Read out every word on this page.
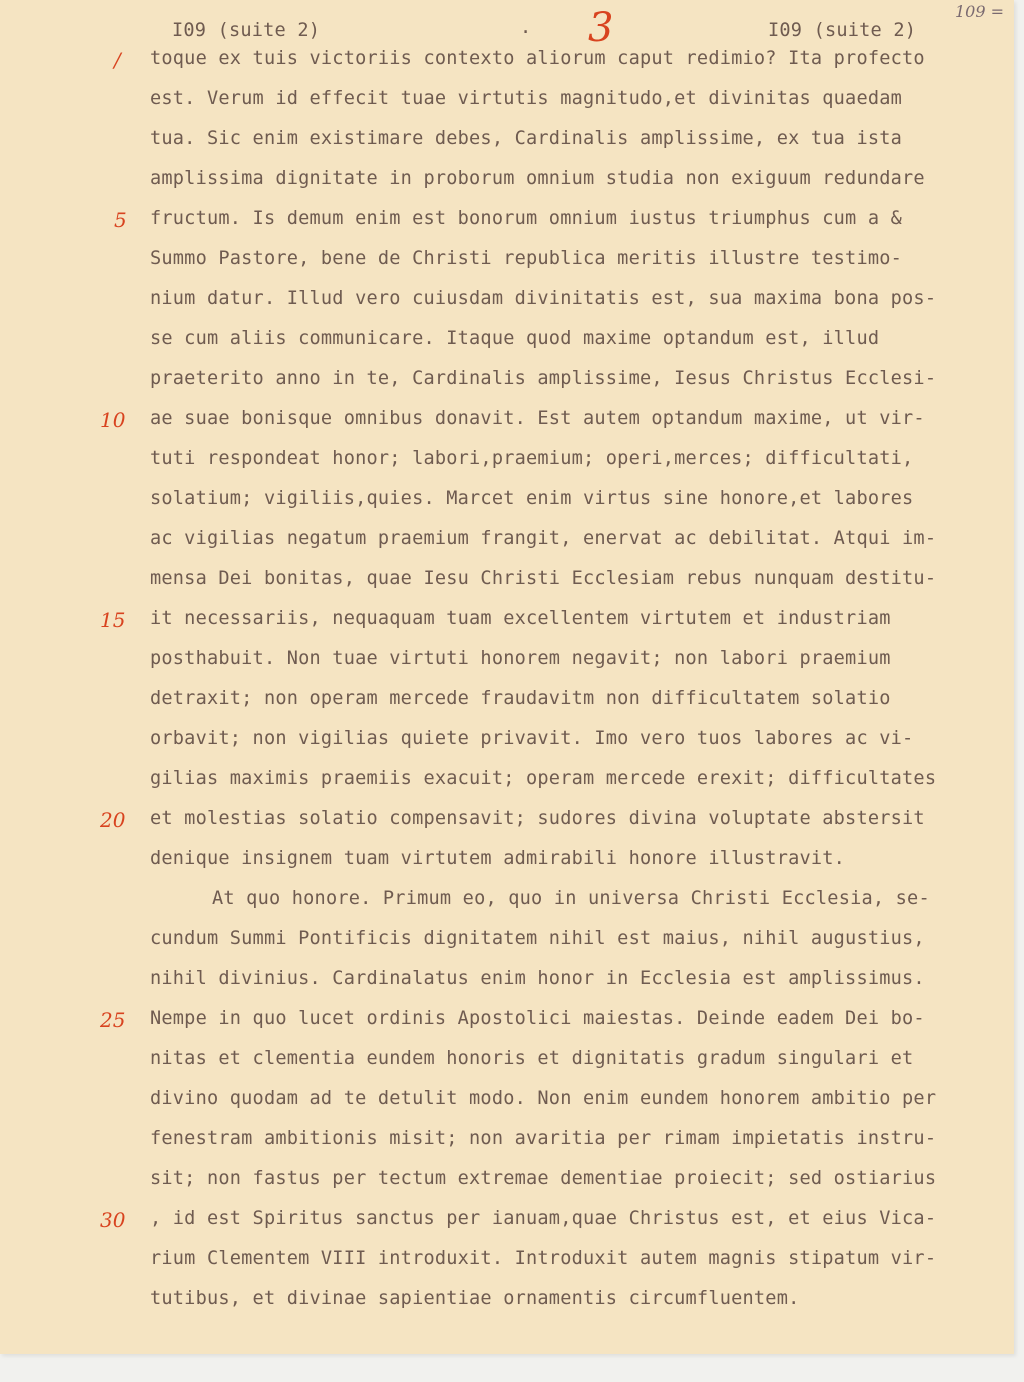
I09 (suite 2)	· 3	I09 (suite 2)
109 =
/
5
10
15
20
25
30
toque ex tuis victoriis contexto aliorum caput redimio? Ita profecto
est. Verum id effecit tuae virtutis magnitudo,et divinitas quaedam
tua. Sic enim existimare debes, Cardinalis amplissime, ex tua ista
amplissima dignitate in proborum omnium studia non exiguum redundare
fructum. Is demum enim est bonorum omnium iustus triumphus cum a &
Summo Pastore, bene de Christi republica meritis illustre testimo-
nium datur. Illud vero cuiusdam divinitatis est, sua maxima bona pos-
se cum aliis communicare. Itaque quod maxime optandum est, illud
praeterito anno in te, Cardinalis amplissime, Iesus Christus Ecclesi-
ae suae bonisque omnibus donavit. Est autem optandum maxime, ut vir-
tuti respondeat honor; labori,praemium; operi,merces; difficultati,
solatium; vigiliis,quies. Marcet enim virtus sine honore,et labores
ac vigilias negatum praemium frangit, enervat ac debilitat. Atqui im-
mensa Dei bonitas, quae Iesu Christi Ecclesiam rebus nunquam destitu-
it necessariis, nequaquam tuam excellentem virtutem et industriam
posthabuit. Non tuae virtuti honorem negavit; non labori praemium
detraxit; non operam mercede fraudavitm non difficultatem solatio
orbavit; non vigilias quiete privavit. Imo vero tuos labores ac vi-
gilias maximis praemiis exacuit; operam mercede erexit; difficultates
et molestias solatio compensavit; sudores divina voluptate abstersit
denique insignem tuam virtutem admirabili honore illustravit.
At quo honore. Primum eo, quo in universa Christi Ecclesia, se-
cundum Summi Pontificis dignitatem nihil est maius, nihil augustius,
nihil divinius. Cardinalatus enim honor in Ecclesia est amplissimus.
Nempe in quo lucet ordinis Apostolici maiestas. Deinde eadem Dei bo-
nitas et clementia eundem honoris et dignitatis gradum singulari et
divino quodam ad te detulit modo. Non enim eundem honorem ambitio per
fenestram ambitionis misit; non avaritia per rimam impietatis instru-
sit; non fastus per tectum extremae dementiae proiecit; sed ostiarius
, id est Spiritus sanctus per ianuam,quae Christus est, et eius Vica-
rium Clementem VIII introduxit. Introduxit autem magnis stipatum vir-
tutibus, et divinae sapientiae ornamentis circumfluentem.
